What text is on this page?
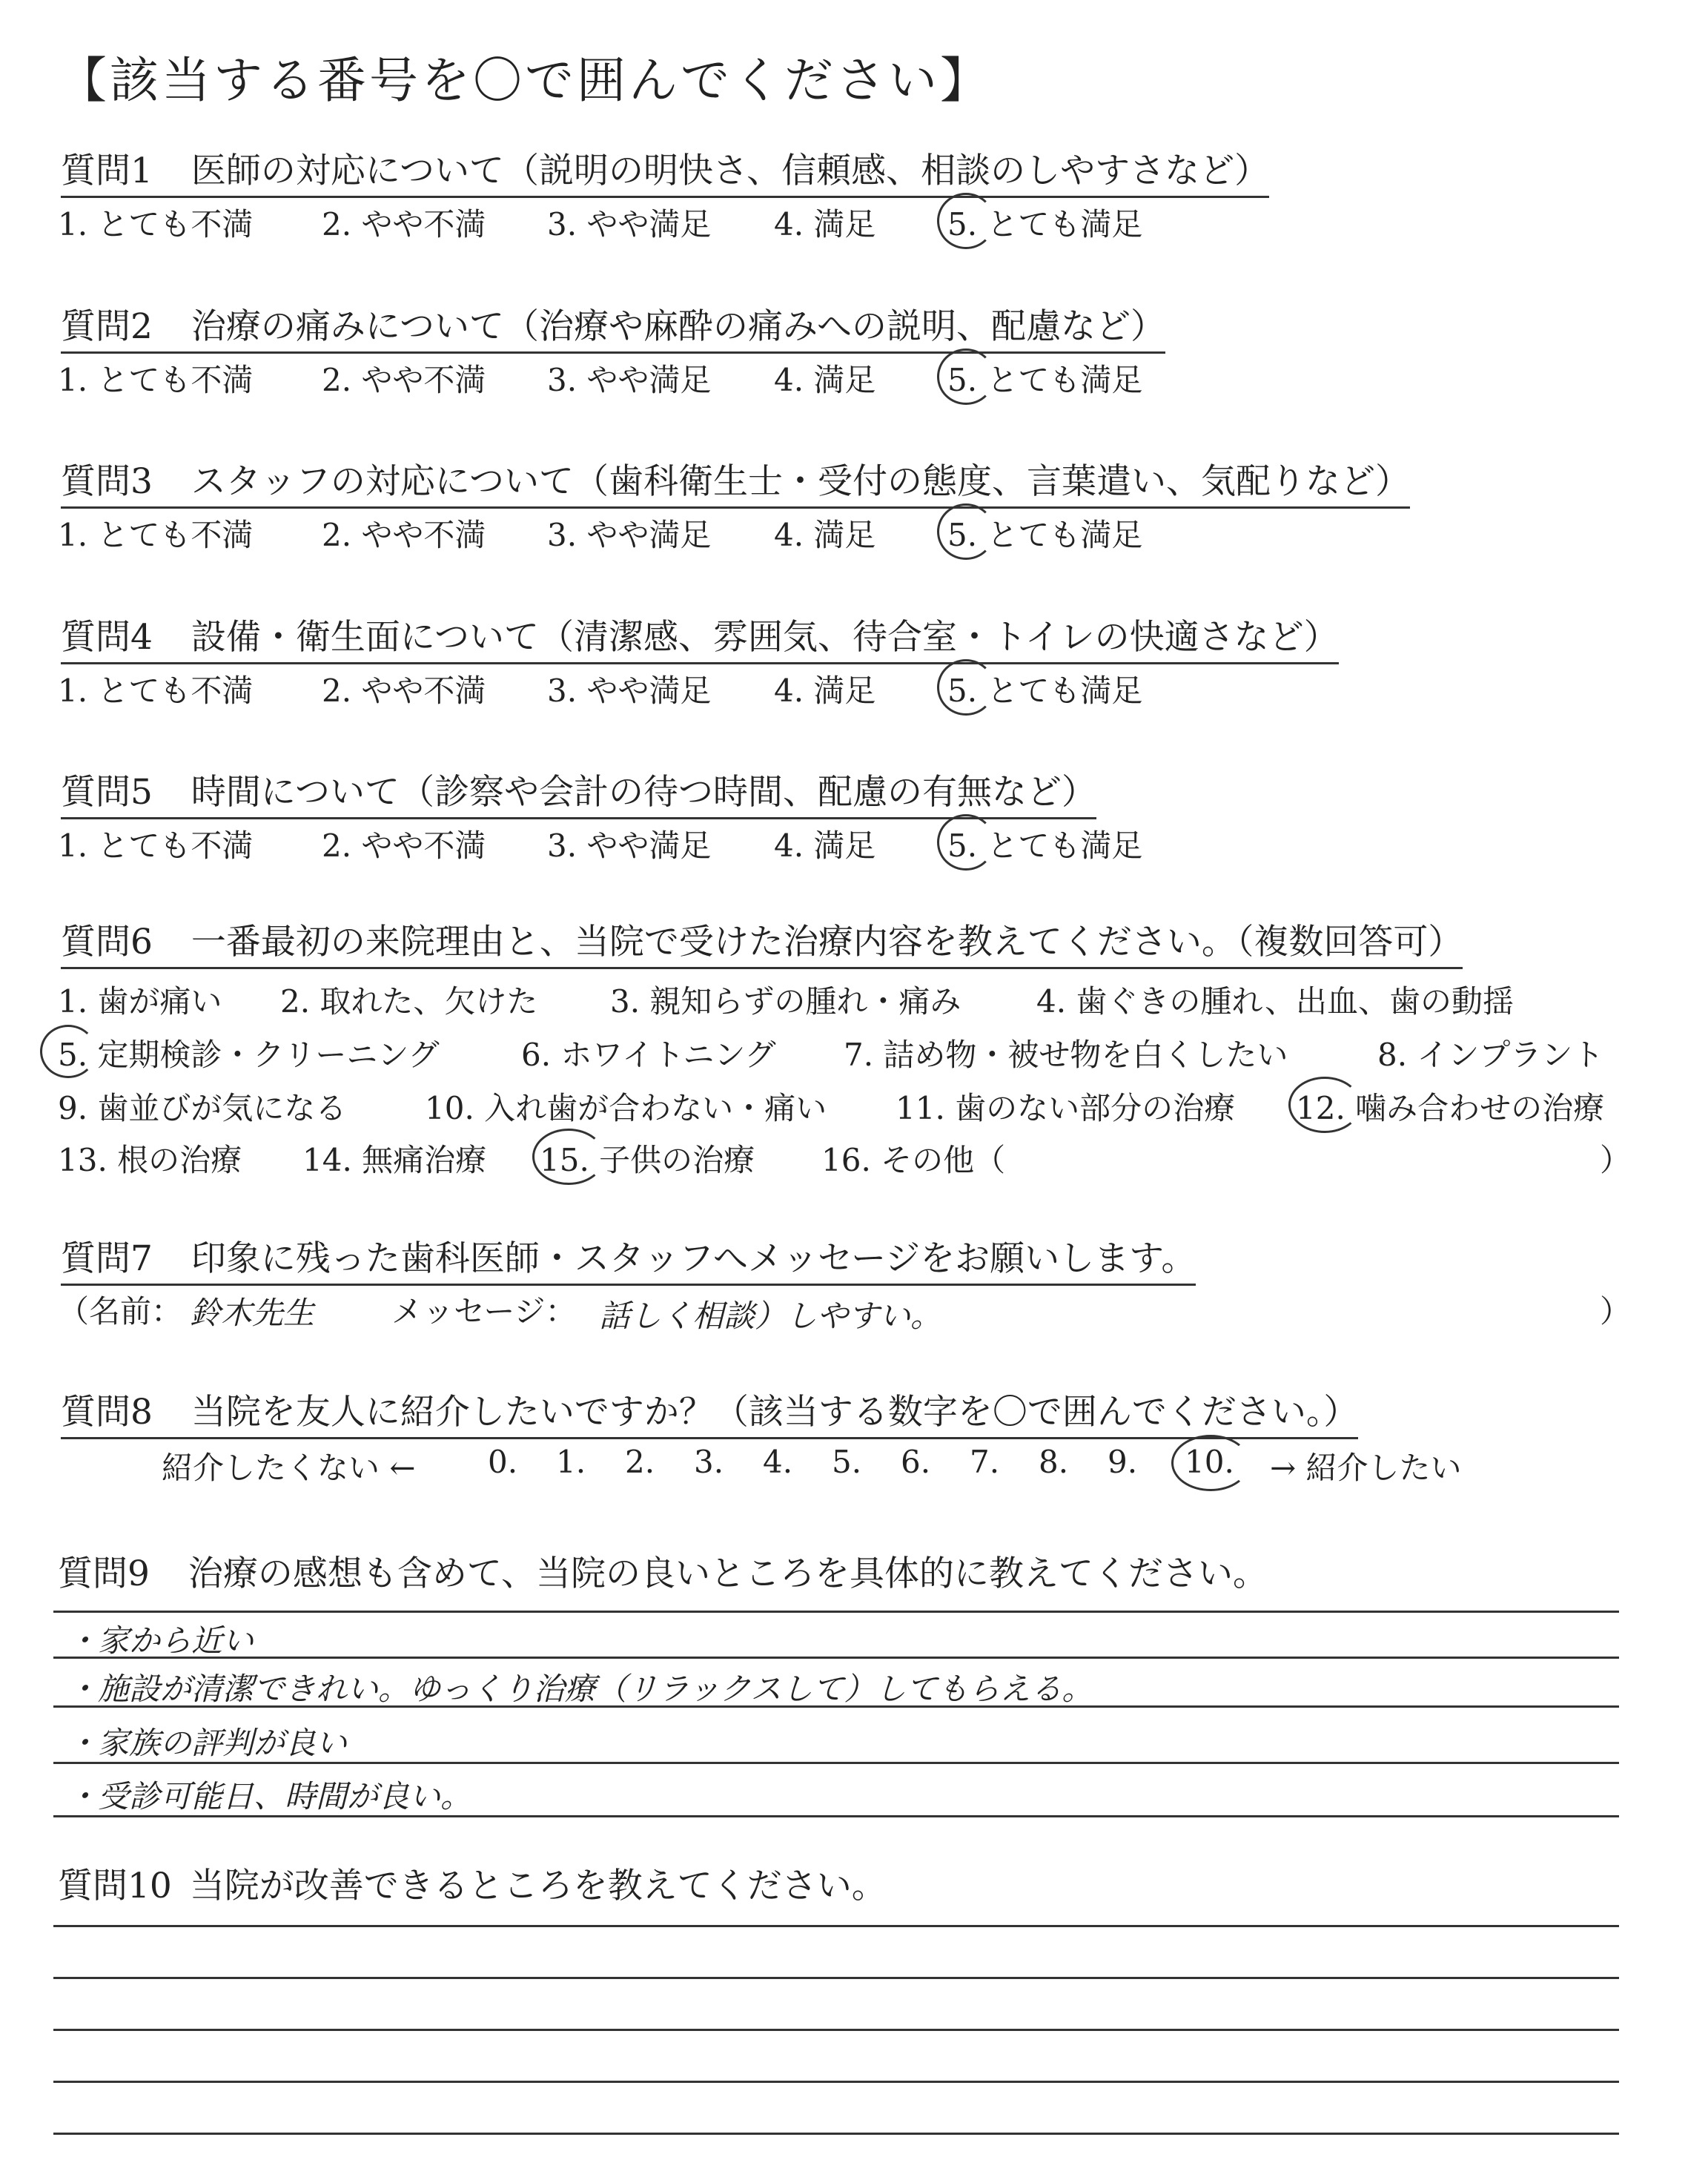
【該当する番号を〇で囲んでください】
質問1 医師の対応について（説明の明快さ、信頼感、相談のしやすさなど）
1. とても不満 2. やや不満 3. やや満足 4. 満足 5. とても満足
質問2 治療の痛みについて（治療や麻酔の痛みへの説明、配慮など）
1. とても不満 2. やや不満 3. やや満足 4. 満足 5. とても満足
質問3 スタッフの対応について（歯科衛生士・受付の態度、言葉遣い、気配りなど）
1. とても不満 2. やや不満 3. やや満足 4. 満足 5. とても満足
質問4 設備・衛生面について（清潔感、雰囲気、待合室・トイレの快適さなど）
1. とても不満 2. やや不満 3. やや満足 4. 満足 5. とても満足
質問5 時間について（診察や会計の待つ時間、配慮の有無など）
1. とても不満 2. やや不満 3. やや満足 4. 満足 5. とても満足
質問6 一番最初の来院理由と、当院で受けた治療内容を教えてください。（複数回答可）
1. 歯が痛い 2. 取れた、欠けた 3. 親知らずの腫れ・痛み 4. 歯ぐきの腫れ、出血、歯の動揺
5. 定期検診・クリーニング	6. ホワイトニング 7. 詰め物・被せ物を白くしたい	8. インプラント
9. 歯並びが気になる	10. 入れ歯が合わない・痛い 11. 歯のない部分の治療 12. 噛み合わせの治療
13. 根の治療 14. 無痛治療 15. 子供の治療 16. その他（	）
質問7 印象に残った歯科医師・スタッフへメッセージをお願いします。
（名前： 鈴木先生 メッセージ： 話しく相談）しやすい。	）
質問8 当院を友人に紹介したいですか？（該当する数字を〇で囲んでください。）
紹介したくない ← 0. 1. 2. 3. 4. 5. 6. 7. 8. 9. 10. → 紹介したい
質問9 治療の感想も含めて、当院の良いところを具体的に教えてください。
・家から近い
・施設が清潔できれい。ゆっくり治療（リラックスして）してもらえる。
・家族の評判が良い
・受診可能日、時間が良い。
質問10 当院が改善できるところを教えてください。
